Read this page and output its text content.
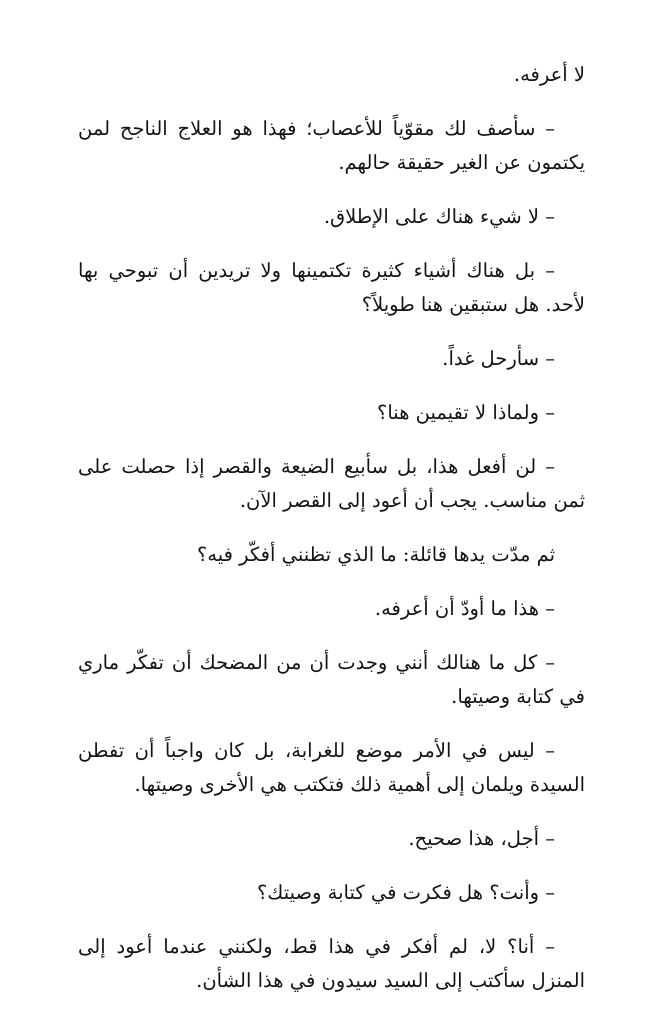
لا أعرفه.

– سأصف لك مقوّياً للأعصاب؛ فهذا هو العلاج الناجح لمن يكتمون عن الغير حقيقة حالهم.

– لا شيء هناك على الإطلاق.

– بل هناك أشياء كثيرة تكتمينها ولا تريدين أن تبوحي بها لأحد. هل ستبقين هنا طويلاً؟

– سأرحل غداً.

– ولماذا لا تقيمين هنا؟

– لن أفعل هذا، بل سأبيع الضيعة والقصر إذا حصلت على ثمن مناسب. يجب أن أعود إلى القصر الآن.

ثم مدّت يدها قائلة: ما الذي تظنني أفكّر فيه؟

– هذا ما أودّ أن أعرفه.

– كل ما هنالك أنني وجدت أن من المضحك أن تفكّر ماري في كتابة وصيتها.

– ليس في الأمر موضع للغرابة، بل كان واجباً أن تفطن السيدة ويلمان إلى أهمية ذلك فتكتب هي الأخرى وصيتها.

– أجل، هذا صحيح.

– وأنت؟ هل فكرت في كتابة وصيتك؟

– أنا؟ لا، لم أفكر في هذا قط، ولكنني عندما أعود إلى المنزل سأكتب إلى السيد سيدون في هذا الشأن.
